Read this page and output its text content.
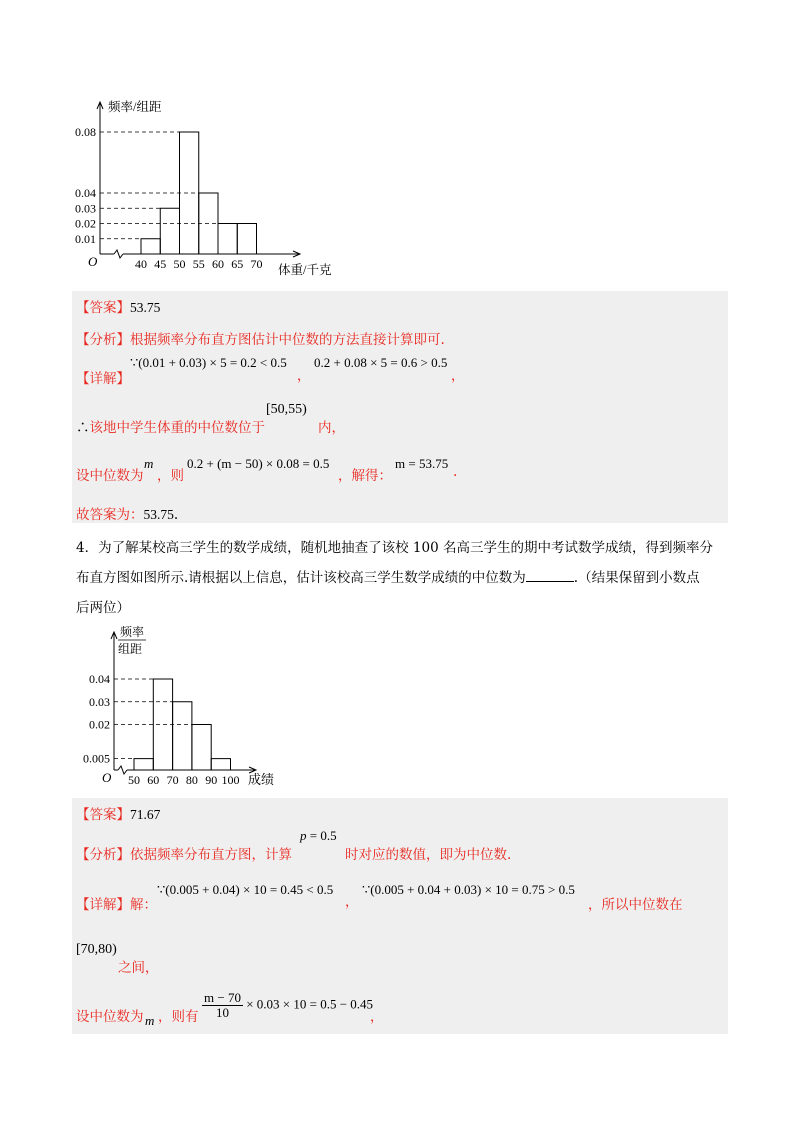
O
0.01
0.02
0.03
0.04
0.08
40 45 50 55 60 65 70
频率/组距
体重/千克
【答案】53.75
【分析】根据频率分布直方图估计中位数的方法直接计算即可.
【详解】
∵(0.01 + 0.03) × 5 = 0.2 < 0.5
，
0.2 + 0.08 × 5 = 0.6 > 0.5
，
∴该地中学生体重的中位数位于
[50,55)
内，
设中位数为
m
，则
0.2 + (m − 50) × 0.08 = 0.5
，解得：
m = 53.75
.
故答案为：53.75.
4．为了解某校高三学生的数学成绩，随机地抽查了该校 100 名高三学生的期中考试数学成绩，得到频率分
布直方图如图所示.请根据以上信息，估计该校高三学生数学成绩的中位数为	.（结果保留到小数点
后两位）
O
0.005
0.02
0.03
0.04
50 60 70 80 90 100
频率
组距
成绩
【答案】71.67
【分析】依据频率分布直方图，计算
p = 0.5
时对应的数值，即为中位数.
【详解】解：
∵(0.005 + 0.04) × 10 = 0.45 < 0.5
，
∵(0.005 + 0.04 + 0.03) × 10 = 0.75 > 0.5
，所以中位数在
[70,80)
之间，
设中位数为 m ，则有 $\frac{m - 70}{10} \times 0.03 \times 10 = 0.5 - 0.45$
，
